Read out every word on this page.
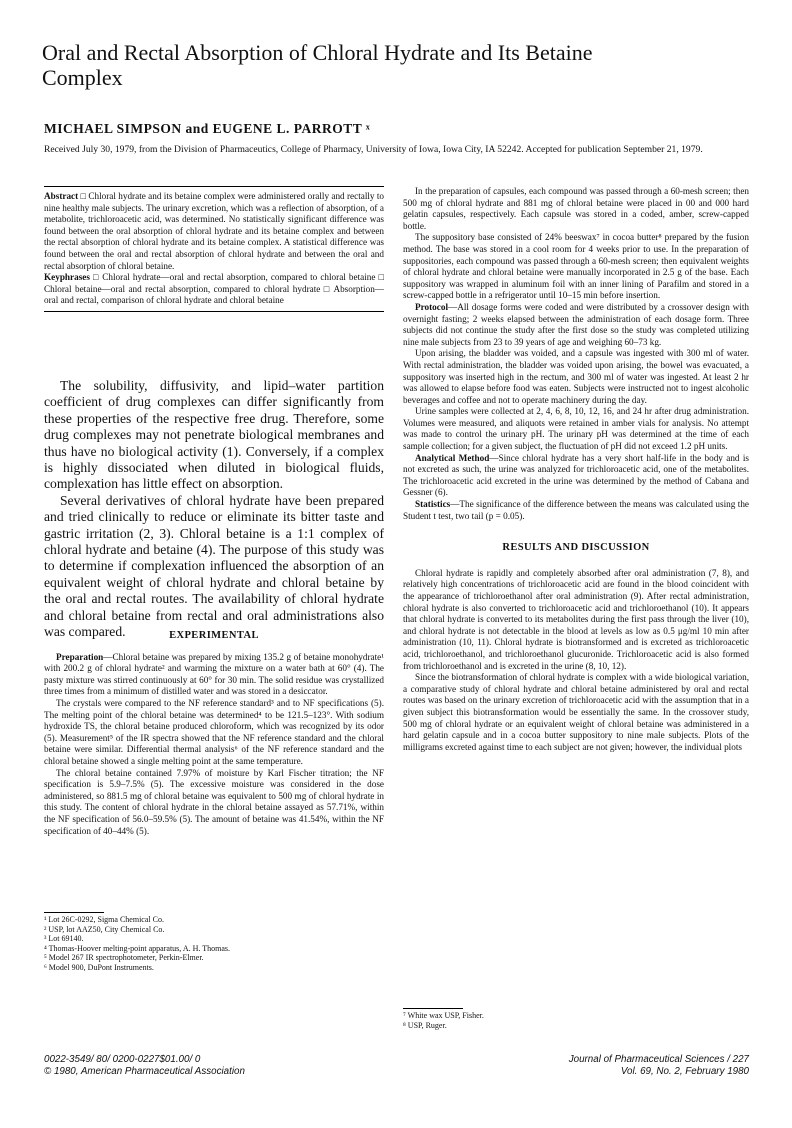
Oral and Rectal Absorption of Chloral Hydrate and Its Betaine Complex
MICHAEL SIMPSON and EUGENE L. PARROTT ˣ
Received July 30, 1979, from the Division of Pharmaceutics, College of Pharmacy, University of Iowa, Iowa City, IA 52242. Accepted for publication September 21, 1979.

Abstract □ Chloral hydrate and its betaine complex were administered orally and rectally to nine healthy male subjects. The urinary excretion, which was a reflection of absorption, of a metabolite, trichloroacetic acid, was determined. No statistically significant difference was found between the oral absorption of chloral hydrate and its betaine complex and between the rectal absorption of chloral hydrate and its betaine complex. A statistical difference was found between the oral and rectal absorption of chloral hydrate and between the oral and rectal absorption of chloral betaine.

Keyphrases □ Chloral hydrate—oral and rectal absorption, compared to chloral betaine □ Chloral betaine—oral and rectal absorption, compared to chloral hydrate □ Absorption—oral and rectal, comparison of chloral hydrate and chloral betaine

The solubility, diffusivity, and lipid–water partition coefficient of drug complexes can differ significantly from these properties of the respective free drug. Therefore, some drug complexes may not penetrate biological membranes and thus have no biological activity (1). Conversely, if a complex is highly dissociated when diluted in biological fluids, complexation has little effect on absorption.

Several derivatives of chloral hydrate have been prepared and tried clinically to reduce or eliminate its bitter taste and gastric irritation (2, 3). Chloral betaine is a 1:1 complex of chloral hydrate and betaine (4). The purpose of this study was to determine if complexation influenced the absorption of an equivalent weight of chloral hydrate and chloral betaine by the oral and rectal routes. The availability of chloral hydrate and chloral betaine from rectal and oral administrations also was compared.	EXPERIMENTAL

Preparation—Chloral betaine was prepared by mixing 135.2 g of betaine monohydrate¹ with 200.2 g of chloral hydrate² and warming the mixture on a water bath at 60° (4). The pasty mixture was stirred continuously at 60° for 30 min. The solid residue was crystallized three times from a minimum of distilled water and was stored in a desiccator.

The crystals were compared to the NF reference standard³ and to NF specifications (5). The melting point of the chloral betaine was determined⁴ to be 121.5–123°. With sodium hydroxide TS, the chloral betaine produced chloroform, which was recognized by its odor (5). Measurement⁵ of the IR spectra showed that the NF reference standard and the chloral betaine were similar. Differential thermal analysis⁶ of the NF reference standard and the chloral betaine showed a single melting point at the same temperature.

The chloral betaine contained 7.97% of moisture by Karl Fischer titration; the NF specification is 5.9–7.5% (5). The excessive moisture was considered in the dose administered, so 881.5 mg of chloral betaine was equivalent to 500 mg of chloral hydrate in this study. The content of chloral hydrate in the chloral betaine assayed as 57.71%, within the NF specification of 56.0–59.5% (5). The amount of betaine was 41.54%, within the NF specification of 40–44% (5).

¹ Lot 26C-0292, Sigma Chemical Co.
² USP, lot AAZ50, City Chemical Co.
³ Lot 69140.
⁴ Thomas-Hoover melting-point apparatus, A. H. Thomas.
⁵ Model 267 IR spectrophotometer, Perkin-Elmer.
⁶ Model 900, DuPont Instruments.

In the preparation of capsules, each compound was passed through a 60-mesh screen; then 500 mg of chloral hydrate and 881 mg of chloral betaine were placed in 00 and 000 hard gelatin capsules, respectively. Each capsule was stored in a coded, amber, screw-capped bottle.

The suppository base consisted of 24% beeswax⁷ in cocoa butter⁸ prepared by the fusion method. The base was stored in a cool room for 4 weeks prior to use. In the preparation of suppositories, each compound was passed through a 60-mesh screen; then equivalent weights of chloral hydrate and chloral betaine were manually incorporated in 2.5 g of the base. Each suppository was wrapped in aluminum foil with an inner lining of Parafilm and stored in a screw-capped bottle in a refrigerator until 10–15 min before insertion.

Protocol—All dosage forms were coded and were distributed by a crossover design with overnight fasting; 2 weeks elapsed between the administration of each dosage form. Three subjects did not continue the study after the first dose so the study was completed utilizing nine male subjects from 23 to 39 years of age and weighing 60–73 kg.

Upon arising, the bladder was voided, and a capsule was ingested with 300 ml of water. With rectal administration, the bladder was voided upon arising, the bowel was evacuated, a suppository was inserted high in the rectum, and 300 ml of water was ingested. At least 2 hr was allowed to elapse before food was eaten. Subjects were instructed not to ingest alcoholic beverages and coffee and not to operate machinery during the day.

Urine samples were collected at 2, 4, 6, 8, 10, 12, 16, and 24 hr after drug administration. Volumes were measured, and aliquots were retained in amber vials for analysis. No attempt was made to control the urinary pH. The urinary pH was determined at the time of each sample collection; for a given subject, the fluctuation of pH did not exceed 1.2 pH units.

Analytical Method—Since chloral hydrate has a very short half-life in the body and is not excreted as such, the urine was analyzed for trichloroacetic acid, one of the metabolites. The trichloroacetic acid excreted in the urine was determined by the method of Cabana and Gessner (6).

Statistics—The significance of the difference between the means was calculated using the Student t test, two tail (p = 0.05).

RESULTS AND DISCUSSION

Chloral hydrate is rapidly and completely absorbed after oral administration (7, 8), and relatively high concentrations of trichloroacetic acid are found in the blood coincident with the appearance of trichloroethanol after oral administration (9). After rectal administration, chloral hydrate is also converted to trichloroacetic acid and trichloroethanol (10). It appears that chloral hydrate is converted to its metabolites during the first pass through the liver (10), and chloral hydrate is not detectable in the blood at levels as low as 0.5 μg/ml 10 min after administration (10, 11). Chloral hydrate is biotransformed and is excreted as trichloroacetic acid, trichloroethanol, and trichloroethanol glucuronide. Trichloroacetic acid is also formed from trichloroethanol and is excreted in the urine (8, 10, 12).

Since the biotransformation of chloral hydrate is complex with a wide biological variation, a comparative study of chloral hydrate and chloral betaine administered by oral and rectal routes was based on the urinary excretion of trichloroacetic acid with the assumption that in a given subject this biotransformation would be essentially the same. In the crossover study, 500 mg of chloral hydrate or an equivalent weight of chloral betaine was administered in a hard gelatin capsule and in a cocoa butter suppository to nine male subjects. Plots of the milligrams excreted against time to each subject are not given; however, the individual plots

⁷ White wax USP, Fisher.
⁸ USP, Ruger.
0022-3549/ 80/ 0200-0227$01.00/ 0
© 1980, American Pharmaceutical Association
Journal of Pharmaceutical Sciences / 227
Vol. 69, No. 2, February 1980
